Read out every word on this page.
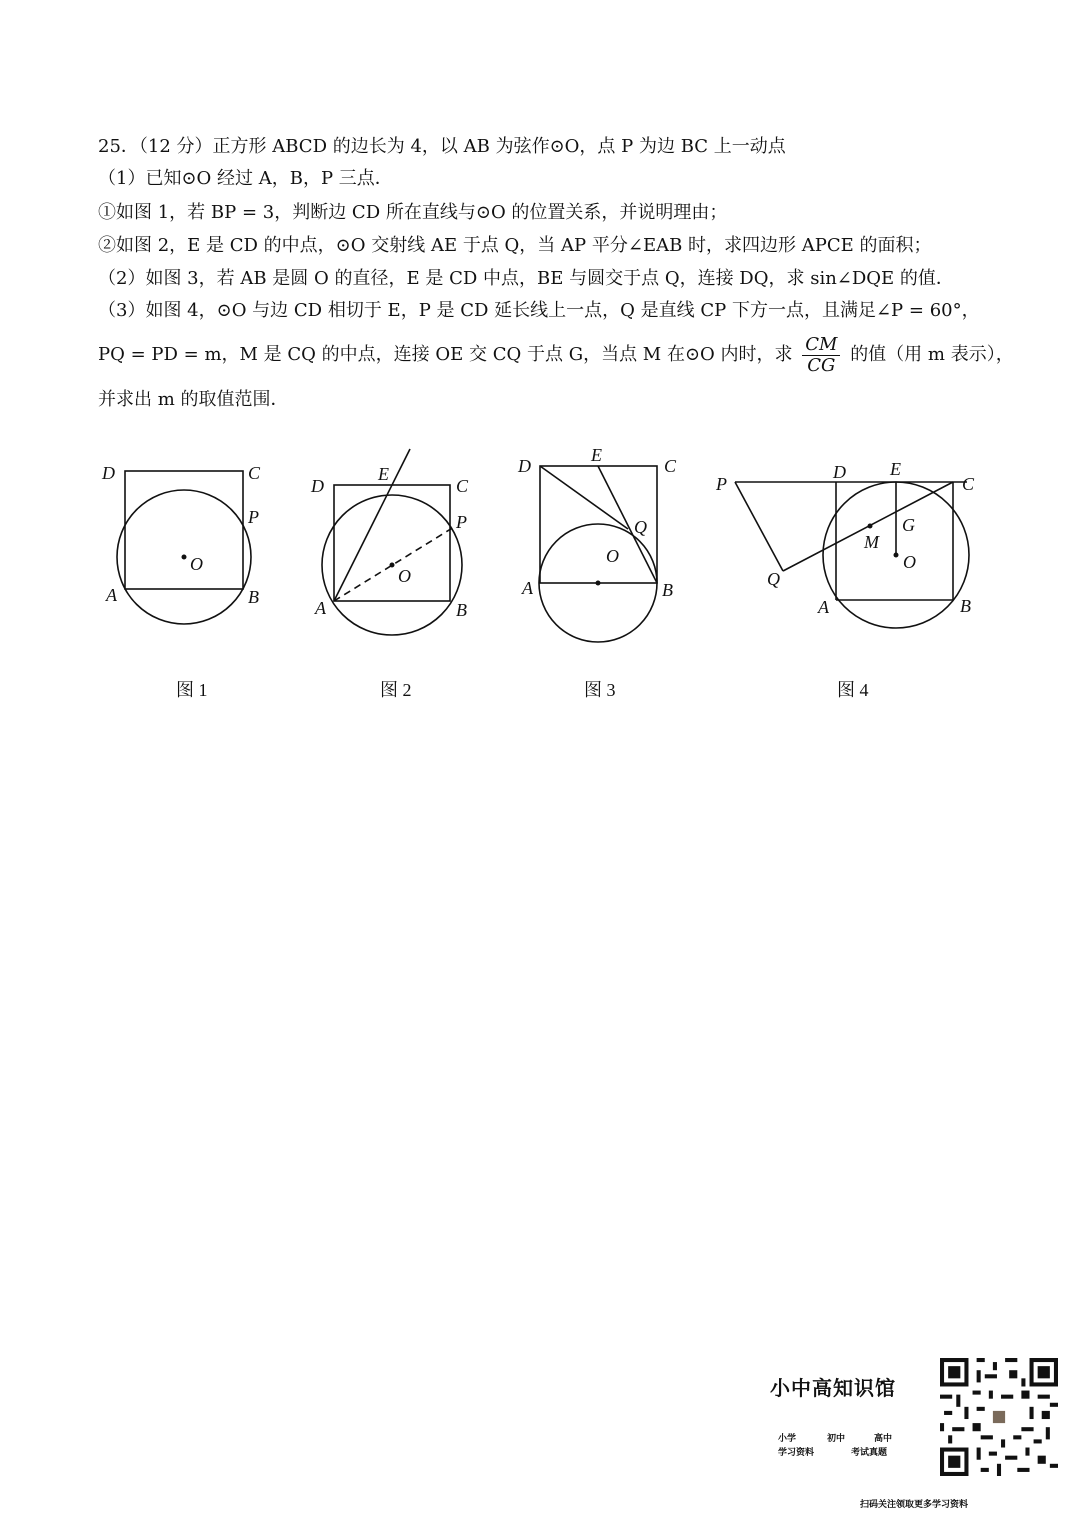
25．（12 分）正方形 ABCD 的边长为 4，以 AB 为弦作⊙O，点 P 为边 BC 上一动点
（1）已知⊙O 经过 A，B，P 三点．
①如图 1，若 BP = 3，判断边 CD 所在直线与⊙O 的位置关系，并说明理由；
②如图 2，E 是 CD 的中点，⊙O 交射线 AE 于点 Q，当 AP 平分∠EAB 时，求四边形 APCE 的面积；
（2）如图 3，若 AB 是圆 O 的直径，E 是 CD 中点，BE 与圆交于点 Q，连接 DQ，求 sin∠DQE 的值．
（3）如图 4，⊙O 与边 CD 相切于 E，P 是 CD 延长线上一点，Q 是直线 CP 下方一点，且满足∠P = 60°，
PQ = PD = m，M 是 CQ 的中点，连接 OE 交 CQ 于点 G，当点 M 在⊙O 内时，求 $\frac{CM}{CG}$ 的值（用 m 表示），
并求出 m 的取值范围．
D	C
P
O
A	B
E
D	C
P
O
A	B
D
E
C
Q
O
A	B
P
D E
C
G
M
O
Q
A	B
图 1	图 2	图 3	图 4
小中高知识馆
小学	初中	高中
学习资料	考试真题
扫码关注领取更多学习资料
